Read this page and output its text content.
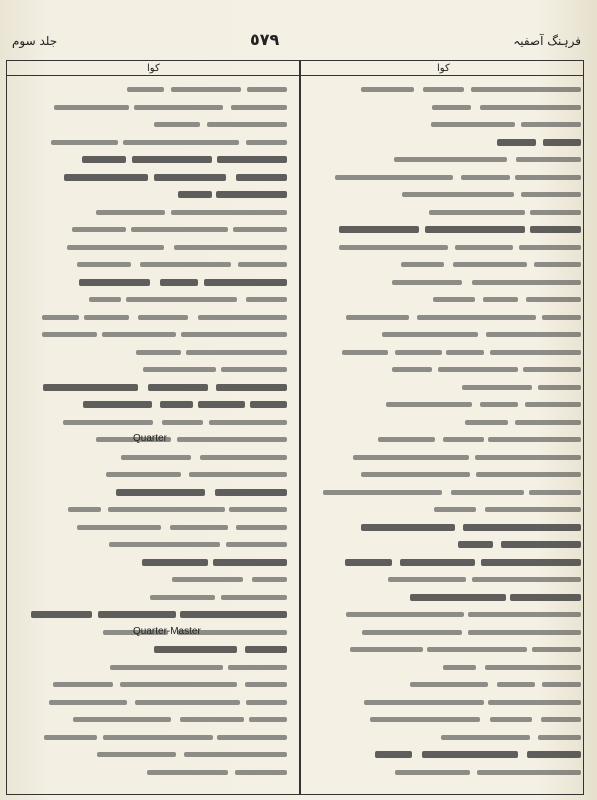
جلد سوم	٥٧٩	فرہنگ آصفیہ
کوا	کوا
Quarter
Quarter-Master
